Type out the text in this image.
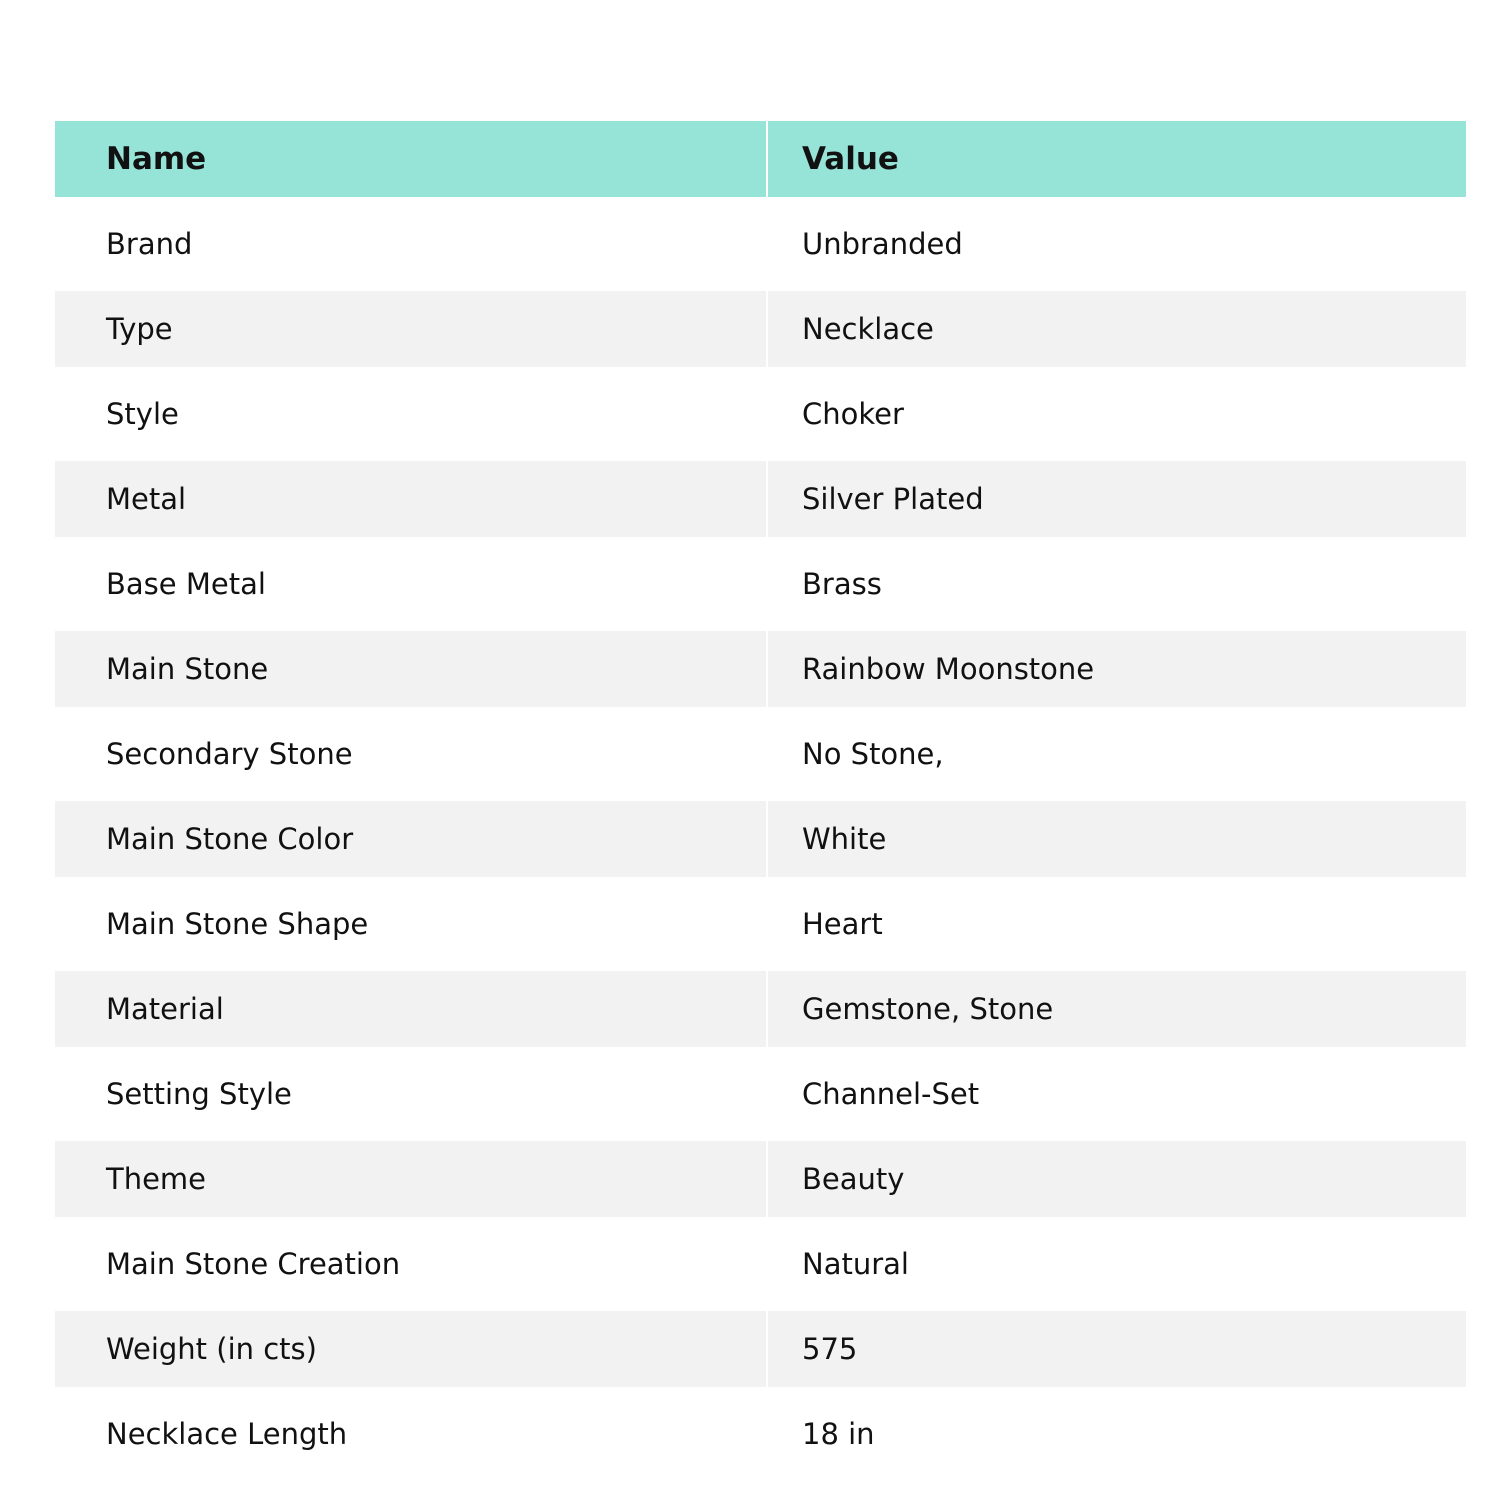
Name	Value
Brand	Unbranded
Type	Necklace
Style	Choker
Metal	Silver Plated
Base Metal	Brass
Main Stone	Rainbow Moonstone
Secondary Stone	No Stone,
Main Stone Color	White
Main Stone Shape	Heart
Material	Gemstone, Stone
Setting Style	Channel-Set
Theme	Beauty
Main Stone Creation	Natural
Weight (in cts)	575
Necklace Length	18 in
